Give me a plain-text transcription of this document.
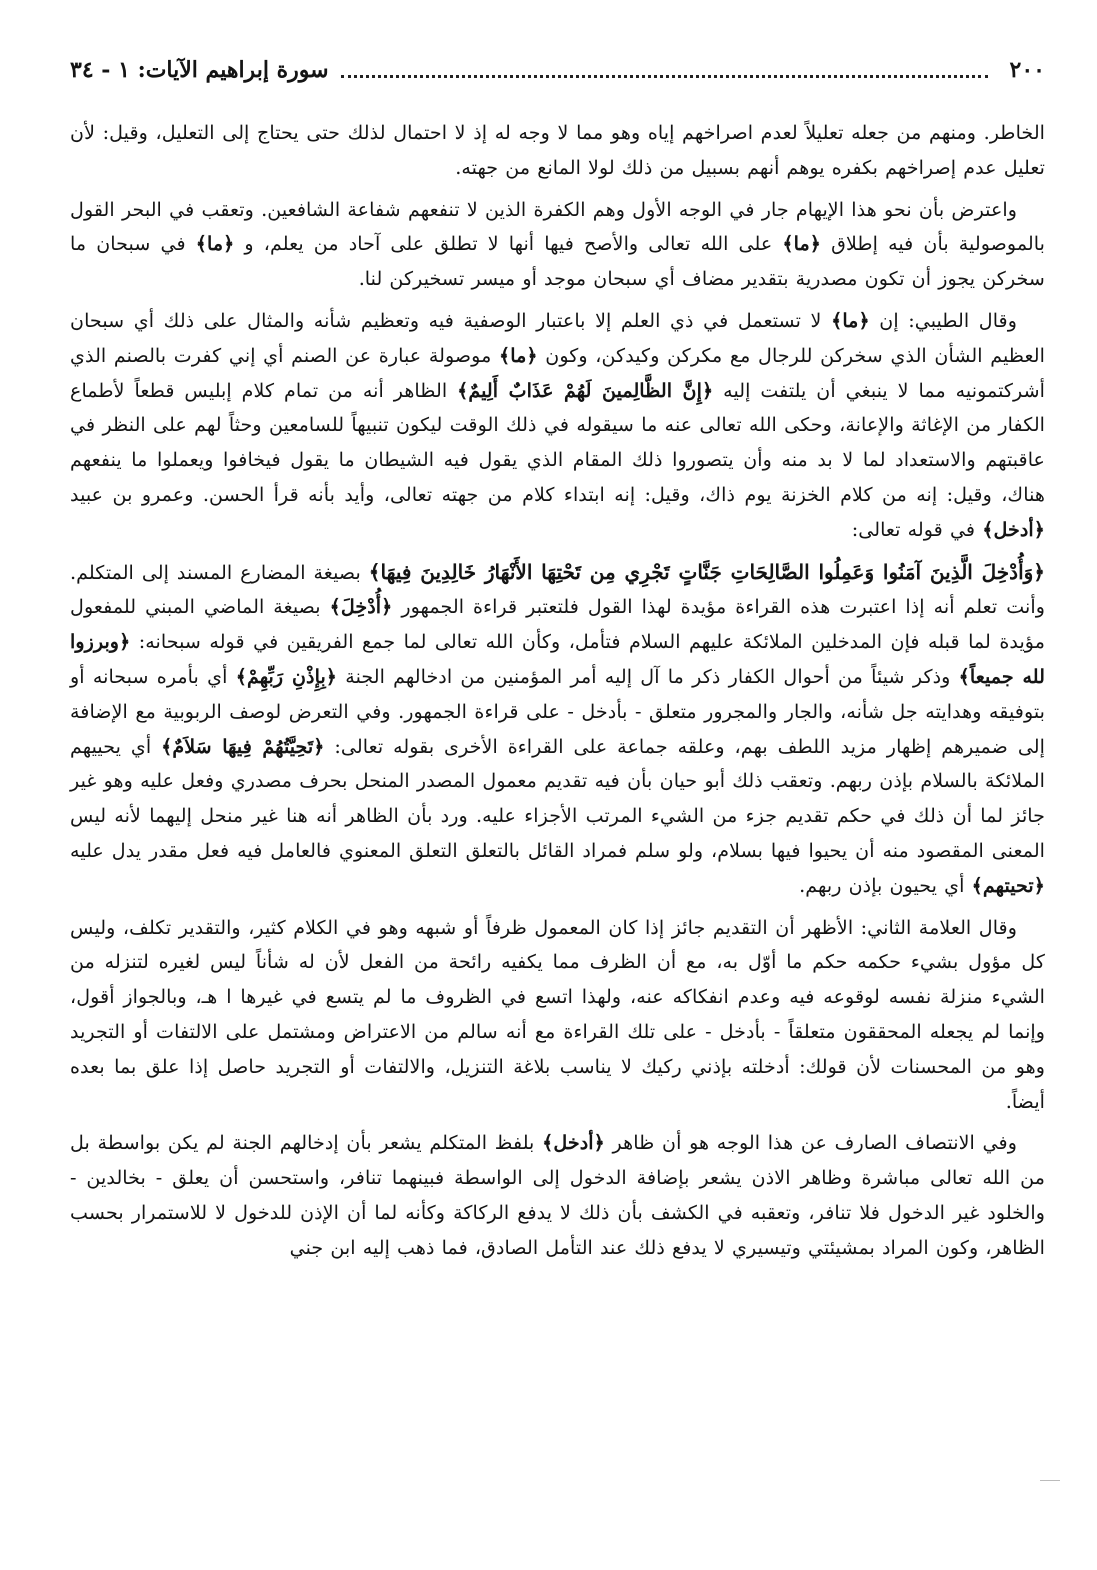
٢٠٠
سورة إبراهيم الآيات: ١ - ٣٤

الخاطر. ومنهم من جعله تعليلاً لعدم اصراخهم إياه وهو مما لا وجه له إذ لا احتمال لذلك حتى يحتاج إلى التعليل، وقيل: لأن تعليل عدم إصراخهم بكفره يوهم أنهم بسبيل من ذلك لولا المانع من جهته.

واعترض بأن نحو هذا الإيهام جار في الوجه الأول وهم الكفرة الذين لا تنفعهم شفاعة الشافعين. وتعقب في البحر القول بالموصولية بأن فيه إطلاق ﴿ما﴾ على الله تعالى والأصح فيها أنها لا تطلق على آحاد من يعلم، و ﴿ما﴾ في سبحان ما سخركن يجوز أن تكون مصدرية بتقدير مضاف أي سبحان موجد أو ميسر تسخيركن لنا.

وقال الطيبي: إن ﴿ما﴾ لا تستعمل في ذي العلم إلا باعتبار الوصفية فيه وتعظيم شأنه والمثال على ذلك أي سبحان العظيم الشأن الذي سخركن للرجال مع مكركن وكيدكن، وكون ﴿ما﴾ موصولة عبارة عن الصنم أي إني كفرت بالصنم الذي أشركتمونيه مما لا ينبغي أن يلتفت إليه ﴿إِنَّ الظَّالِمينَ لَهُمْ عَذَابٌ أَلِيمٌ﴾ الظاهر أنه من تمام كلام إبليس قطعاً لأطماع الكفار من الإغاثة والإعانة، وحكى الله تعالى عنه ما سيقوله في ذلك الوقت ليكون تنبيهاً للسامعين وحثاً لهم على النظر في عاقبتهم والاستعداد لما لا بد منه وأن يتصوروا ذلك المقام الذي يقول فيه الشيطان ما يقول فيخافوا ويعملوا ما ينفعهم هناك، وقيل: إنه من كلام الخزنة يوم ذاك، وقيل: إنه ابتداء كلام من جهته تعالى، وأيد بأنه قرأ الحسن. وعمرو بن عبيد ﴿أدخل﴾ في قوله تعالى:

﴿وَأُدْخِلَ الَّذِينَ آمَنُوا وَعَمِلُوا الصَّالِحَاتِ جَنَّاتٍ تَجْرِي مِن تَحْتِهَا الأَنْهَارُ خَالِدِينَ فِيهَا﴾ بصيغة المضارع المسند إلى المتكلم. وأنت تعلم أنه إذا اعتبرت هذه القراءة مؤيدة لهذا القول فلتعتبر قراءة الجمهور ﴿أُدْخِلَ﴾ بصيغة الماضي المبني للمفعول مؤيدة لما قبله فإن المدخلين الملائكة عليهم السلام فتأمل، وكأن الله تعالى لما جمع الفريقين في قوله سبحانه: ﴿وبرزوا لله جميعاً﴾ وذكر شيئاً من أحوال الكفار ذكر ما آل إليه أمر المؤمنين من ادخالهم الجنة ﴿بِإِذْنِ رَبِّهِمْ﴾ أي بأمره سبحانه أو بتوفيقه وهدايته جل شأنه، والجار والمجرور متعلق - بأدخل - على قراءة الجمهور. وفي التعرض لوصف الربوبية مع الإضافة إلى ضميرهم إظهار مزيد اللطف بهم، وعلقه جماعة على القراءة الأخرى بقوله تعالى: ﴿تَحِيَّتُهُمْ فِيهَا سَلاَمٌ﴾ أي يحييهم الملائكة بالسلام بإذن ربهم. وتعقب ذلك أبو حيان بأن فيه تقديم معمول المصدر المنحل بحرف مصدري وفعل عليه وهو غير جائز لما أن ذلك في حكم تقديم جزء من الشيء المرتب الأجزاء عليه. ورد بأن الظاهر أنه هنا غير منحل إليهما لأنه ليس المعنى المقصود منه أن يحيوا فيها بسلام، ولو سلم فمراد القائل بالتعلق التعلق المعنوي فالعامل فيه فعل مقدر يدل عليه ﴿تحيتهم﴾ أي يحيون بإذن ربهم.

وقال العلامة الثاني: الأظهر أن التقديم جائز إذا كان المعمول ظرفاً أو شبهه وهو في الكلام كثير، والتقدير تكلف، وليس كل مؤول بشيء حكمه حكم ما أوّل به، مع أن الظرف مما يكفيه رائحة من الفعل لأن له شأناً ليس لغيره لتنزله من الشيء منزلة نفسه لوقوعه فيه وعدم انفكاكه عنه، ولهذا اتسع في الظروف ما لم يتسع في غيرها ا هـ، وبالجواز أقول، وإنما لم يجعله المحققون متعلقاً - بأدخل - على تلك القراءة مع أنه سالم من الاعتراض ومشتمل على الالتفات أو التجريد وهو من المحسنات لأن قولك: أدخلته بإذني ركيك لا يناسب بلاغة التنزيل، والالتفات أو التجريد حاصل إذا علق بما بعده أيضاً.

وفي الانتصاف الصارف عن هذا الوجه هو أن ظاهر ﴿أدخل﴾ بلفظ المتكلم يشعر بأن إدخالهم الجنة لم يكن بواسطة بل من الله تعالى مباشرة وظاهر الاذن يشعر بإضافة الدخول إلى الواسطة فبينهما تنافر، واستحسن أن يعلق - بخالدين - والخلود غير الدخول فلا تنافر، وتعقبه في الكشف بأن ذلك لا يدفع الركاكة وكأنه لما أن الإذن للدخول لا للاستمرار بحسب الظاهر، وكون المراد بمشيئتي وتيسيري لا يدفع ذلك عند التأمل الصادق، فما ذهب إليه ابن جني
